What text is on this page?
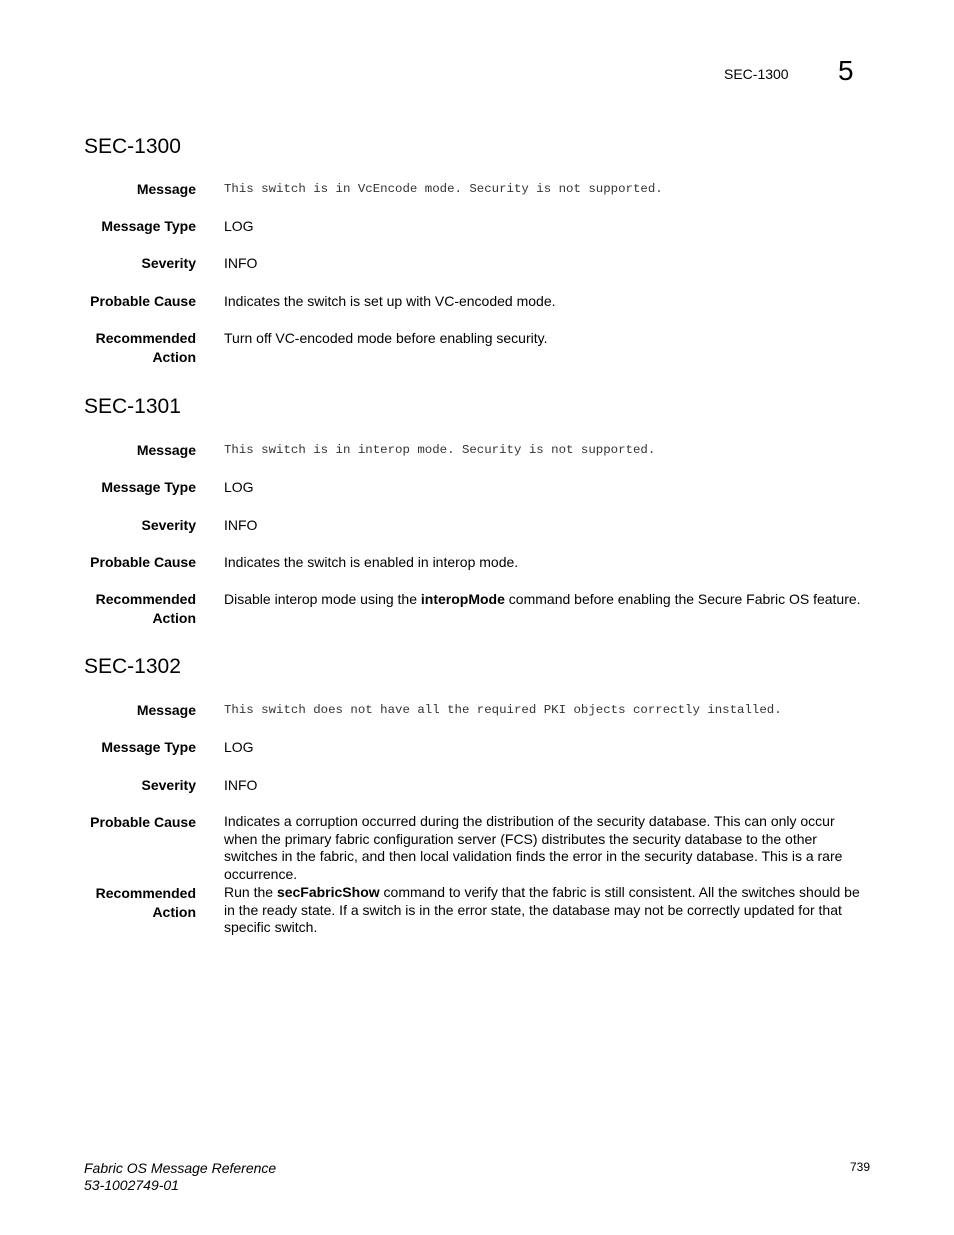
SEC-1300 5
SEC-1300
Message This switch is in VcEncode mode. Security is not supported.
Message Type LOG
Severity INFO
Probable Cause Indicates the switch is set up with VC-encoded mode.
Recommended
Action
Turn off VC-encoded mode before enabling security.
SEC-1301
Message This switch is in interop mode. Security is not supported.
Message Type LOG
Severity INFO
Probable Cause Indicates the switch is enabled in interop mode.
Recommended
Action
Disable interop mode using the interopMode command before enabling the Secure Fabric OS feature.
SEC-1302
Message This switch does not have all the required PKI objects correctly installed.
Message Type LOG
Severity INFO
Probable Cause Indicates a corruption occurred during the distribution of the security database. This can only occur when the primary fabric configuration server (FCS) distributes the security database to the other switches in the fabric, and then local validation finds the error in the security database. This is a rare occurrence.
Recommended
Action
Run the secFabricShow command to verify that the fabric is still consistent. All the switches should be in the ready state. If a switch is in the error state, the database may not be correctly updated for that specific switch.
Fabric OS Message Reference
53-1002749-01
739
